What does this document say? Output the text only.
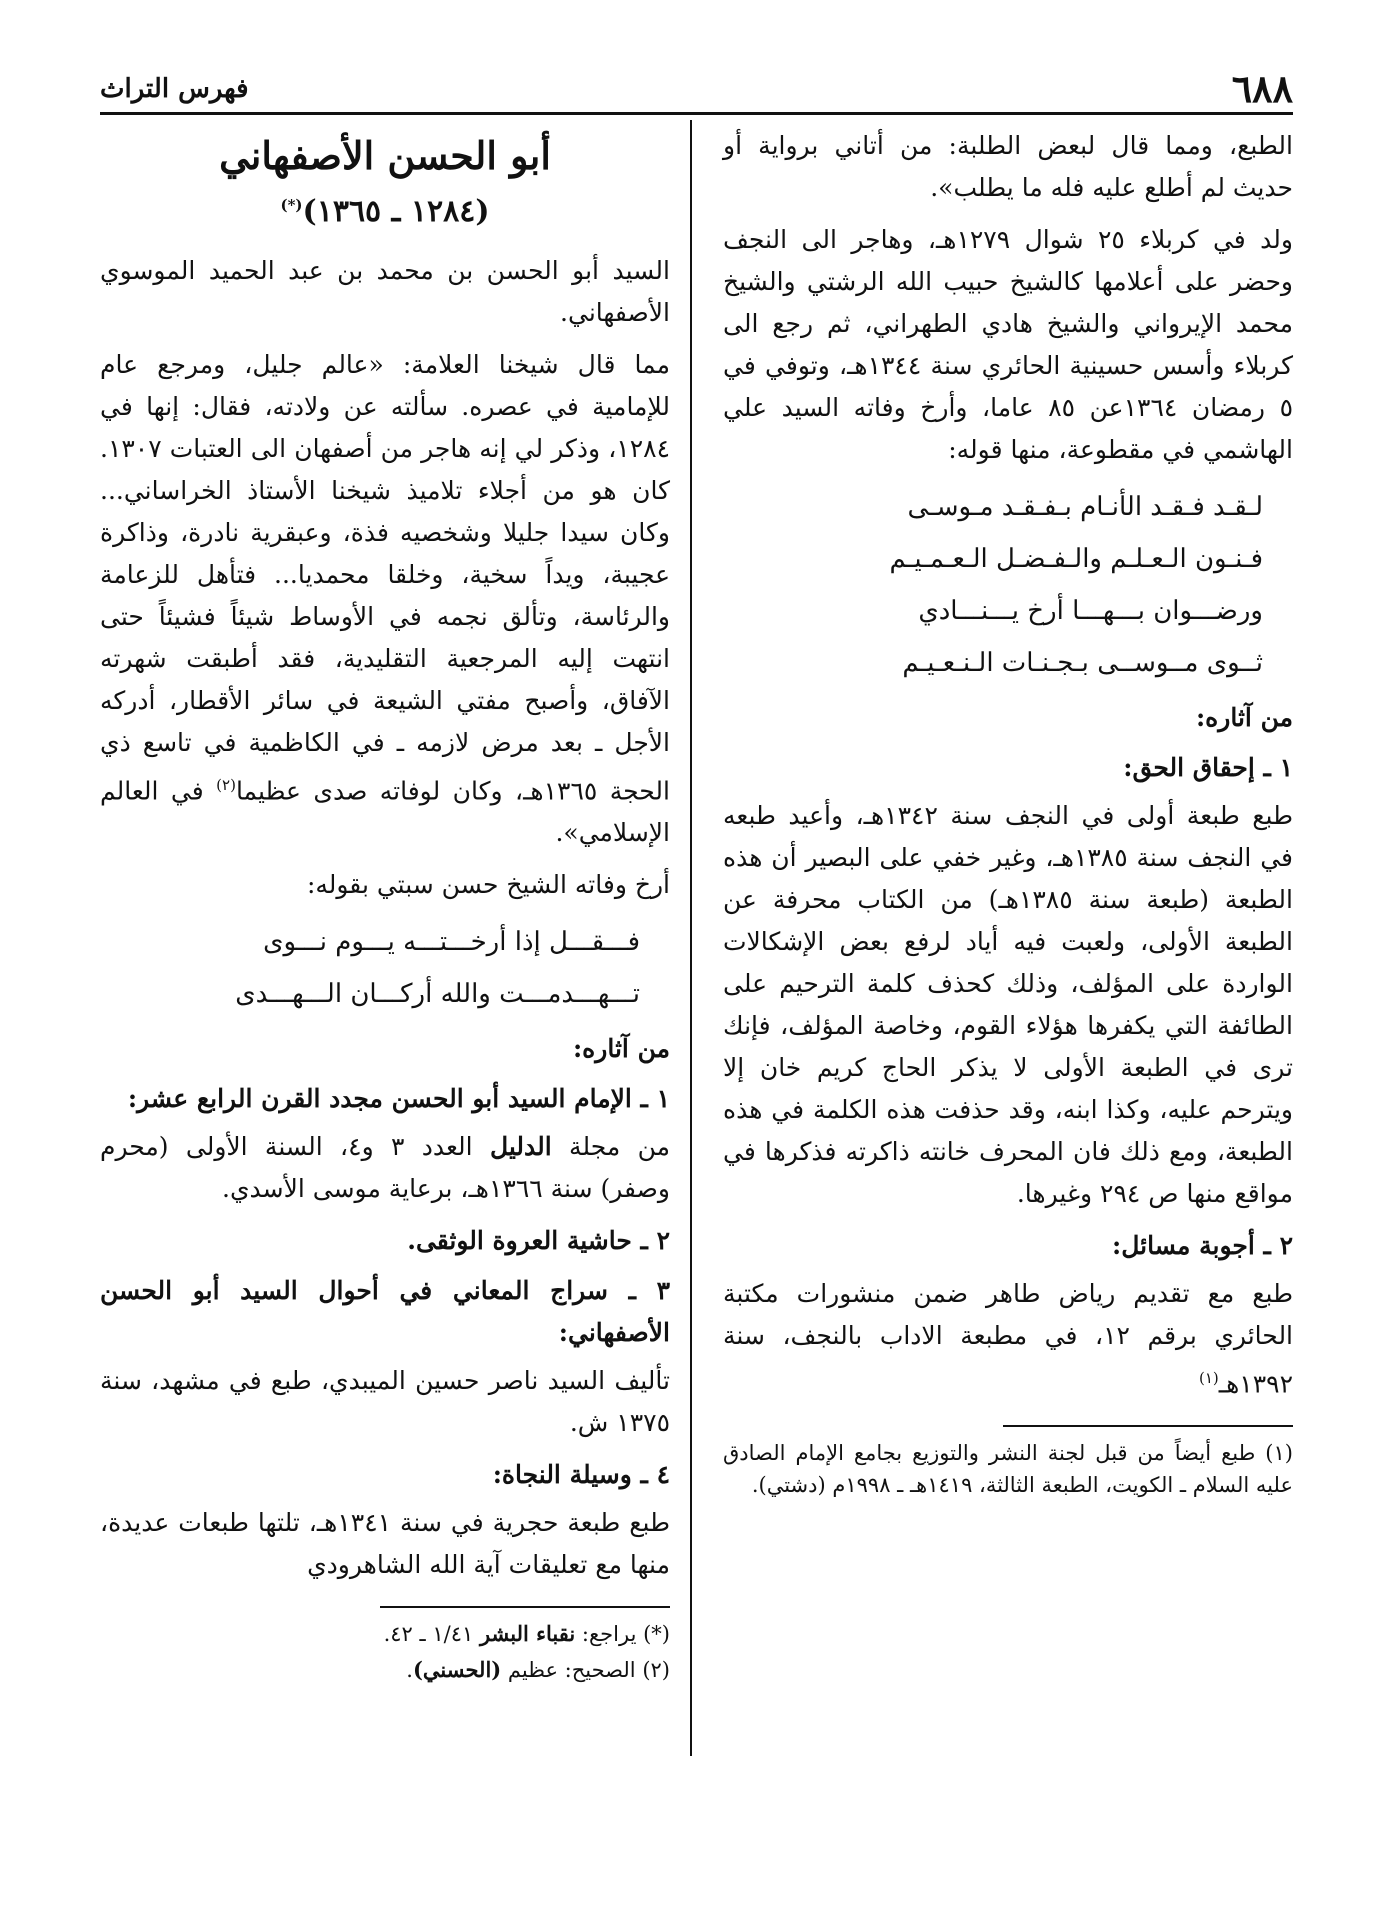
٦٨٨
فهرس التراث

الطبع، ومما قال لبعض الطلبة: من أتاني برواية أو حديث لم أطلع عليه فله ما يطلب».

ولد في كربلاء ٢٥ شوال ١٢٧٩هـ، وهاجر الى النجف وحضر على أعلامها كالشيخ حبيب الله الرشتي والشيخ محمد الإيرواني والشيخ هادي الطهراني، ثم رجع الى كربلاء وأسس حسينية الحائري سنة ١٣٤٤هـ، وتوفي في ٥ رمضان ١٣٦٤عن ٨٥ عاما، وأرخ وفاته السيد علي الهاشمي في مقطوعة، منها قوله:

لـقـد فـقـد الأنـام بـفـقـد مـوسـى
فـنـون الـعـلـم والـفـضـل الـعـمـيـم
ورضـــوان بـــهـــا أرخ يـــنـــادي
ثــوى مــوســى بـجـنـات الـنـعـيـم

من آثاره:

١ ـ إحقاق الحق:

طبع طبعة أولى في النجف سنة ١٣٤٢هـ، وأعيد طبعه في النجف سنة ١٣٨٥هـ، وغير خفي على البصير أن هذه الطبعة (طبعة سنة ١٣٨٥هـ) من الكتاب محرفة عن الطبعة الأولى، ولعبت فيه أياد لرفع بعض الإشكالات الواردة على المؤلف، وذلك كحذف كلمة الترحيم على الطائفة التي يكفرها هؤلاء القوم، وخاصة المؤلف، فإنك ترى في الطبعة الأولى لا يذكر الحاج كريم خان إلا ويترحم عليه، وكذا ابنه، وقد حذفت هذه الكلمة في هذه الطبعة، ومع ذلك فان المحرف خانته ذاكرته فذكرها في مواقع منها ص ٢٩٤ وغيرها.

٢ ـ أجوبة مسائل:

طبع مع تقديم رياض طاهر ضمن منشورات مكتبة الحائري برقم ١٢، في مطبعة الاداب بالنجف، سنة ١٣٩٢هـ$^{(١)}$

(١) طبع أيضاً من قبل لجنة النشر والتوزيع بجامع الإمام الصادق عليه السلام ـ الكويت، الطبعة الثالثة، ١٤١٩هـ ـ ١٩٩٨م (دشتي).
أبو الحسن الأصفهاني
(١٢٨٤ ـ ١٣٦٥)(*)

السيد أبو الحسن بن محمد بن عبد الحميد الموسوي الأصفهاني.

مما قال شيخنا العلامة: «عالم جليل، ومرجع عام للإمامية في عصره. سألته عن ولادته، فقال: إنها في ١٢٨٤، وذكر لي إنه هاجر من أصفهان الى العتبات ١٣٠٧. كان هو من أجلاء تلاميذ شيخنا الأستاذ الخراساني... وكان سيدا جليلا وشخصيه فذة، وعبقرية نادرة، وذاكرة عجيبة، ويداً سخية، وخلقا محمديا... فتأهل للزعامة والرئاسة، وتألق نجمه في الأوساط شيئاً فشيئاً حتى انتهت إليه المرجعية التقليدية، فقد أطبقت شهرته الآفاق، وأصبح مفتي الشيعة في سائر الأقطار، أدركه الأجل ـ بعد مرض لازمه ـ في الكاظمية في تاسع ذي الحجة ١٣٦٥هـ، وكان لوفاته صدى عظيما$^{(٢)}$ في العالم الإسلامي».

أرخ وفاته الشيخ حسن سبتي بقوله:

فـــقـــل إذا أرخـــتـــه يـــوم نـــوى
تـــهـــدمـــت والله أركـــان الـــهـــدى

من آثاره:

١ ـ الإمام السيد أبو الحسن مجدد القرن الرابع عشر:

من مجلة الدليل العدد ٣ و٤، السنة الأولى (محرم وصفر) سنة ١٣٦٦هـ، برعاية موسى الأسدي.

٢ ـ حاشية العروة الوثقى.

٣ ـ سراج المعاني في أحوال السيد أبو الحسن الأصفهاني:

تأليف السيد ناصر حسين الميبدي، طبع في مشهد، سنة ١٣٧٥ ش.

٤ ـ وسيلة النجاة:

طبع طبعة حجرية في سنة ١٣٤١هـ، تلتها طبعات عديدة، منها مع تعليقات آية الله الشاهرودي

(*) يراجع: نقباء البشر ١/٤١ ـ ٤٢.
(٢) الصحيح: عظيم (الحسني).
